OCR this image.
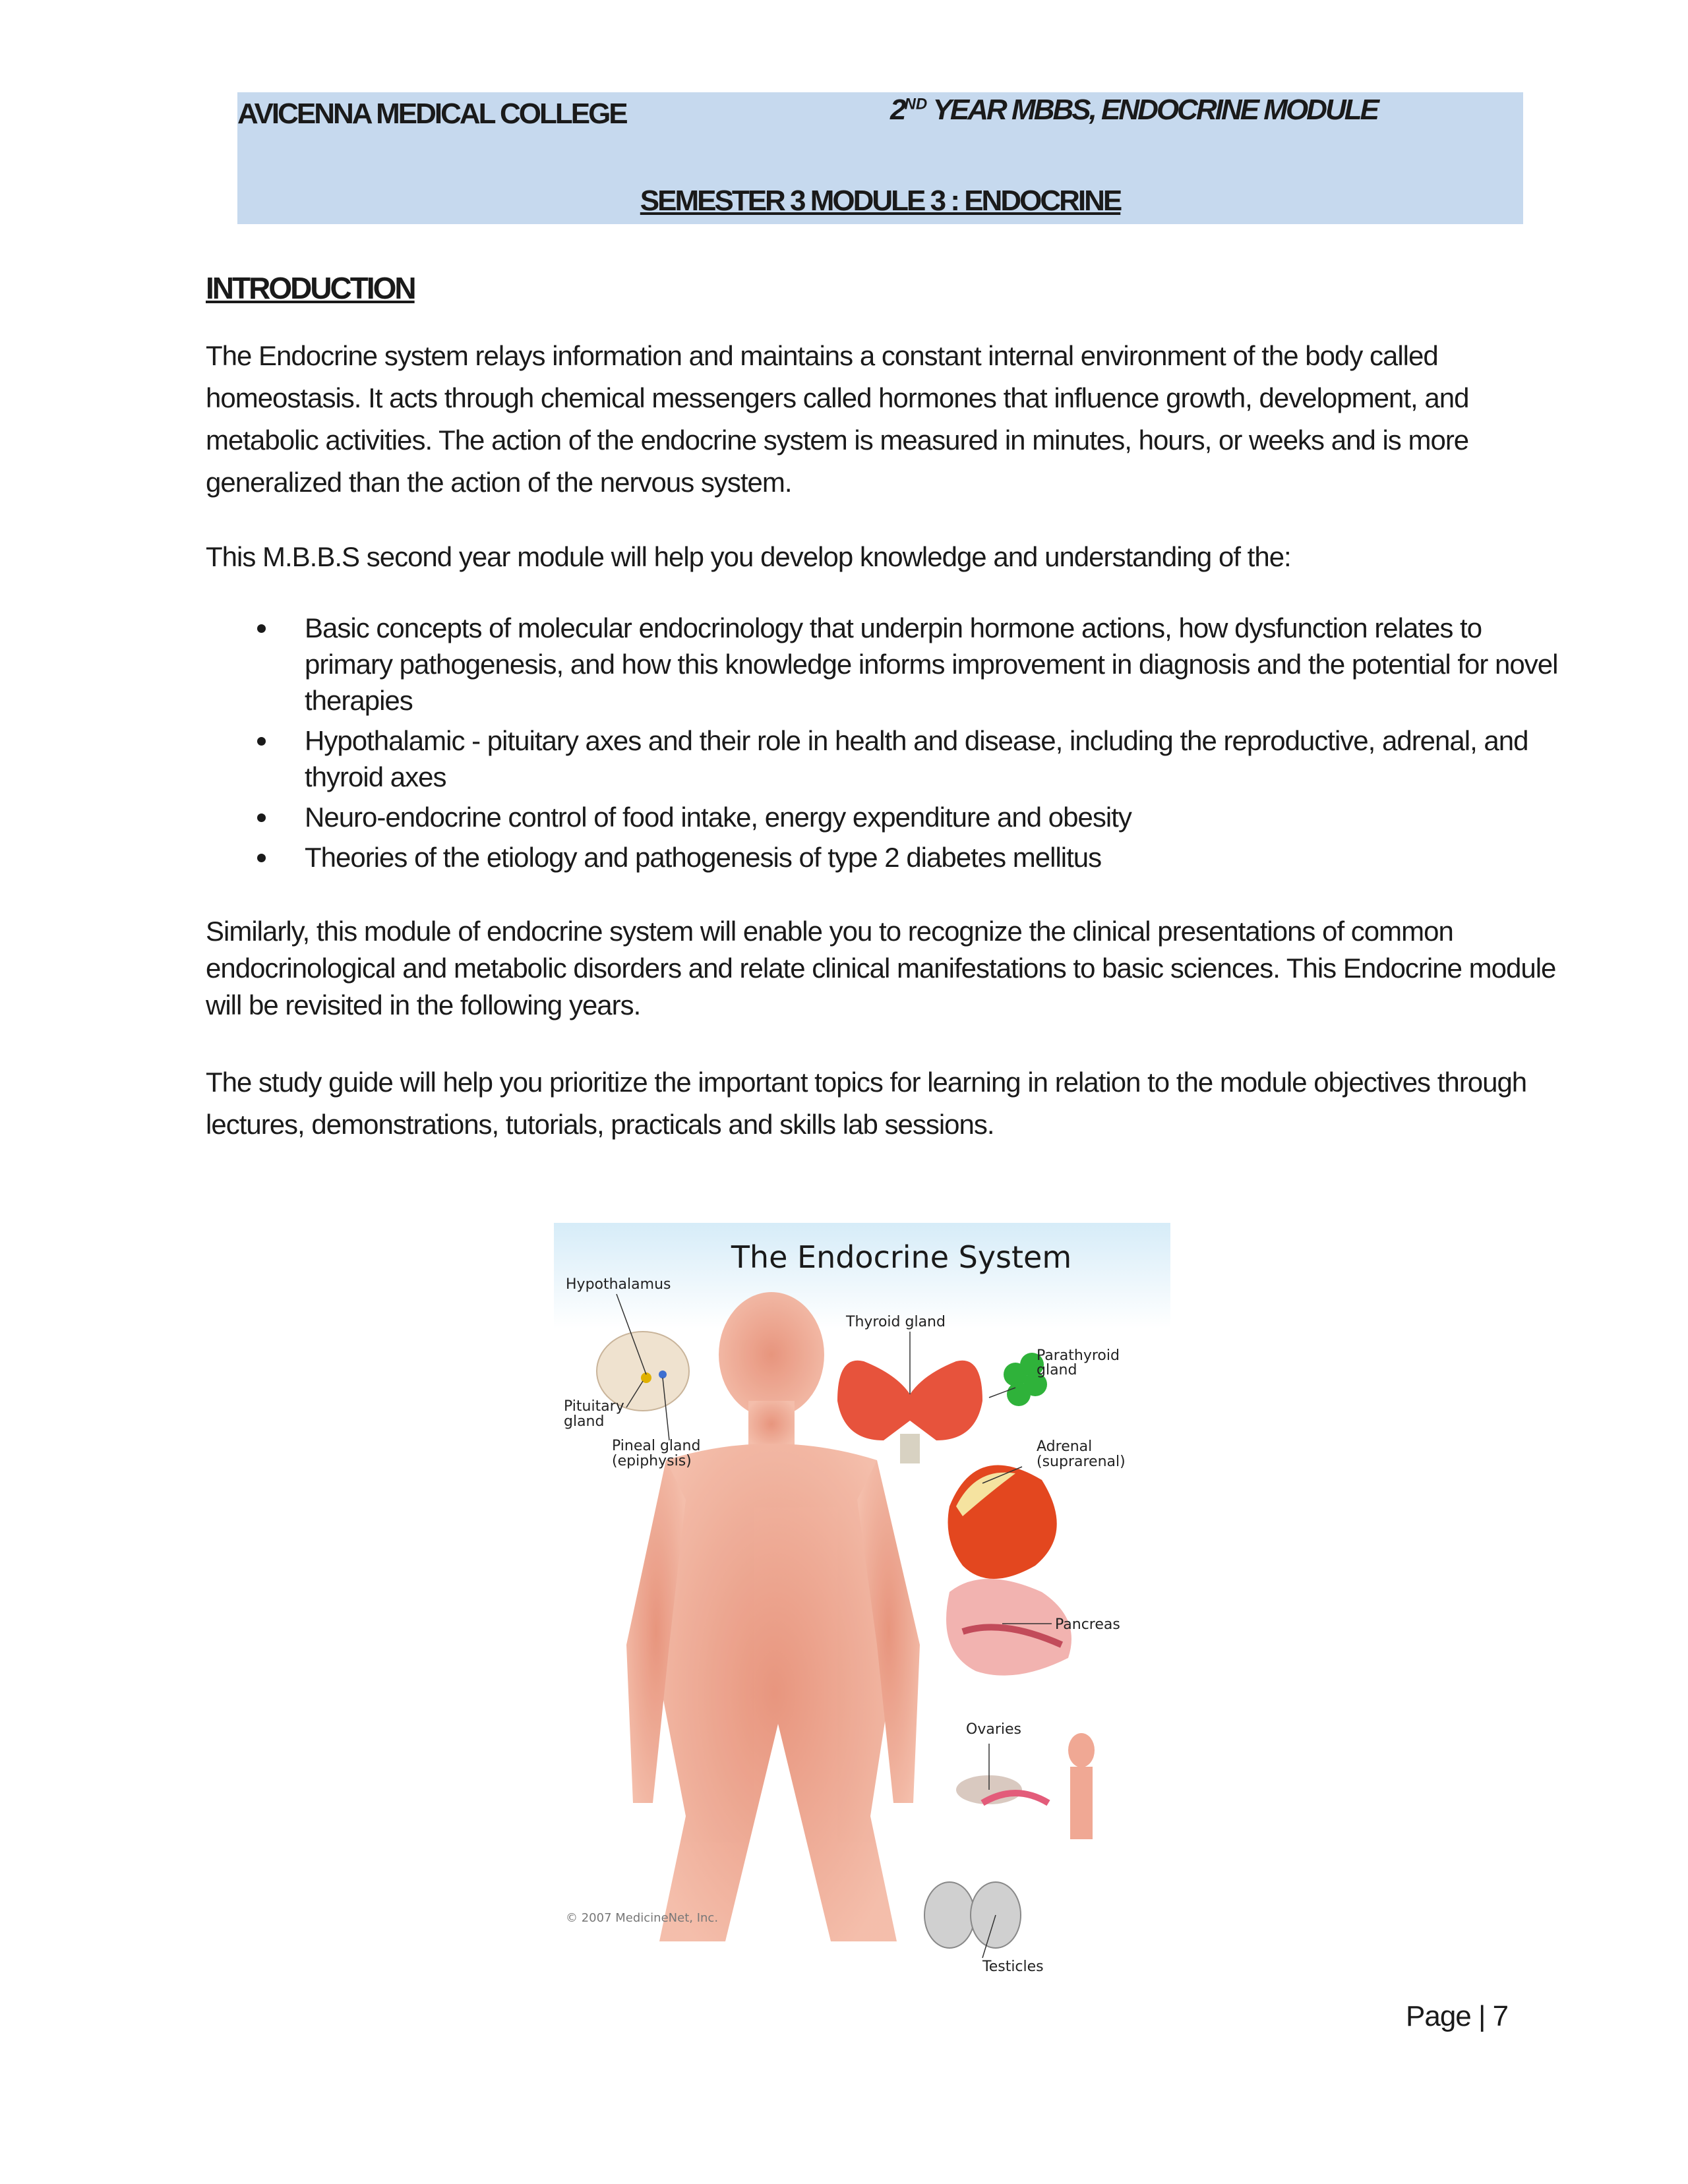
AVICENNA MEDICAL COLLEGE	2ND YEAR MBBS, ENDOCRINE MODULE
SEMESTER 3 MODULE 3 : ENDOCRINE
INTRODUCTION

The Endocrine system relays information and maintains a constant internal environment of the body called homeostasis. It acts through chemical messengers called hormones that influence growth, development, and metabolic activities. The action of the endocrine system is measured in minutes, hours, or weeks and is more generalized than the action of the nervous system.

This M.B.B.S second year module will help you develop knowledge and understanding of the:

Basic concepts of molecular endocrinology that underpin hormone actions, how dysfunction relates to primary pathogenesis, and how this knowledge informs improvement in diagnosis and the potential for novel therapies
Hypothalamic - pituitary axes and their role in health and disease, including the reproductive, adrenal, and thyroid axes
Neuro-endocrine control of food intake, energy expenditure and obesity
Theories of the etiology and pathogenesis of type 2 diabetes mellitus

Similarly, this module of endocrine system will enable you to recognize the clinical presentations of common endocrinological and metabolic disorders and relate clinical manifestations to basic sciences. This Endocrine module will be revisited in the following years.

The study guide will help you prioritize the important topics for learning in relation to the module objectives through lectures, demonstrations, tutorials, practicals and skills lab sessions.

The Endocrine System
Hypothalamus
Pituitary
gland
Pineal gland
(epiphysis)
Thyroid gland
Parathyroid
gland
Adrenal
(suprarenal)
Pancreas
Ovaries
Testicles
© 2007 MedicineNet, Inc.
Page | 7
